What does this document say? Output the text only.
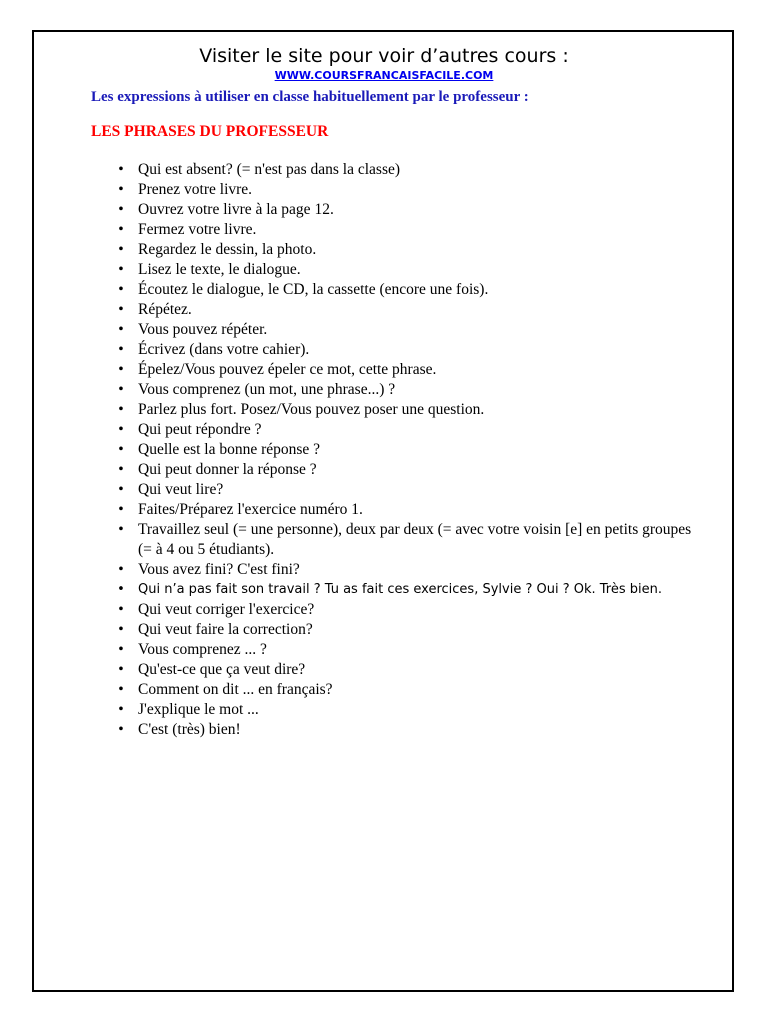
Visiter le site pour voir d’autres cours :
WWW.COURSFRANCAISFACILE.COM
Les expressions à utiliser en classe habituellement par le professeur :
LES PHRASES DU PROFESSEUR
• Qui est absent? (= n'est pas dans la classe)
• Prenez votre livre.
• Ouvrez votre livre à la page 12.
• Fermez votre livre.
• Regardez le dessin, la photo.
• Lisez le texte, le dialogue.
• Écoutez le dialogue, le CD, la cassette (encore une fois).
• Répétez.
• Vous pouvez répéter.
• Écrivez (dans votre cahier).
• Épelez/Vous pouvez épeler ce mot, cette phrase.
• Vous comprenez (un mot, une phrase...) ?
• Parlez plus fort. Posez/Vous pouvez poser une question.
• Qui peut répondre ?
• Quelle est la bonne réponse ?
• Qui peut donner la réponse ?
• Qui veut lire?
• Faites/Préparez l'exercice numéro 1.
• Travaillez seul (= une personne), deux par deux (= avec votre voisin [e] en petits groupes (= à 4 ou 5 étudiants).
• Vous avez fini? C'est fini?
• Qui n’a pas fait son travail ? Tu as fait ces exercices, Sylvie ? Oui ? Ok. Très bien.
• Qui veut corriger l'exercice?
• Qui veut faire la correction?
• Vous comprenez ... ?
• Qu'est-ce que ça veut dire?
• Comment on dit ... en français?
• J'explique le mot ...
• C'est (très) bien!
